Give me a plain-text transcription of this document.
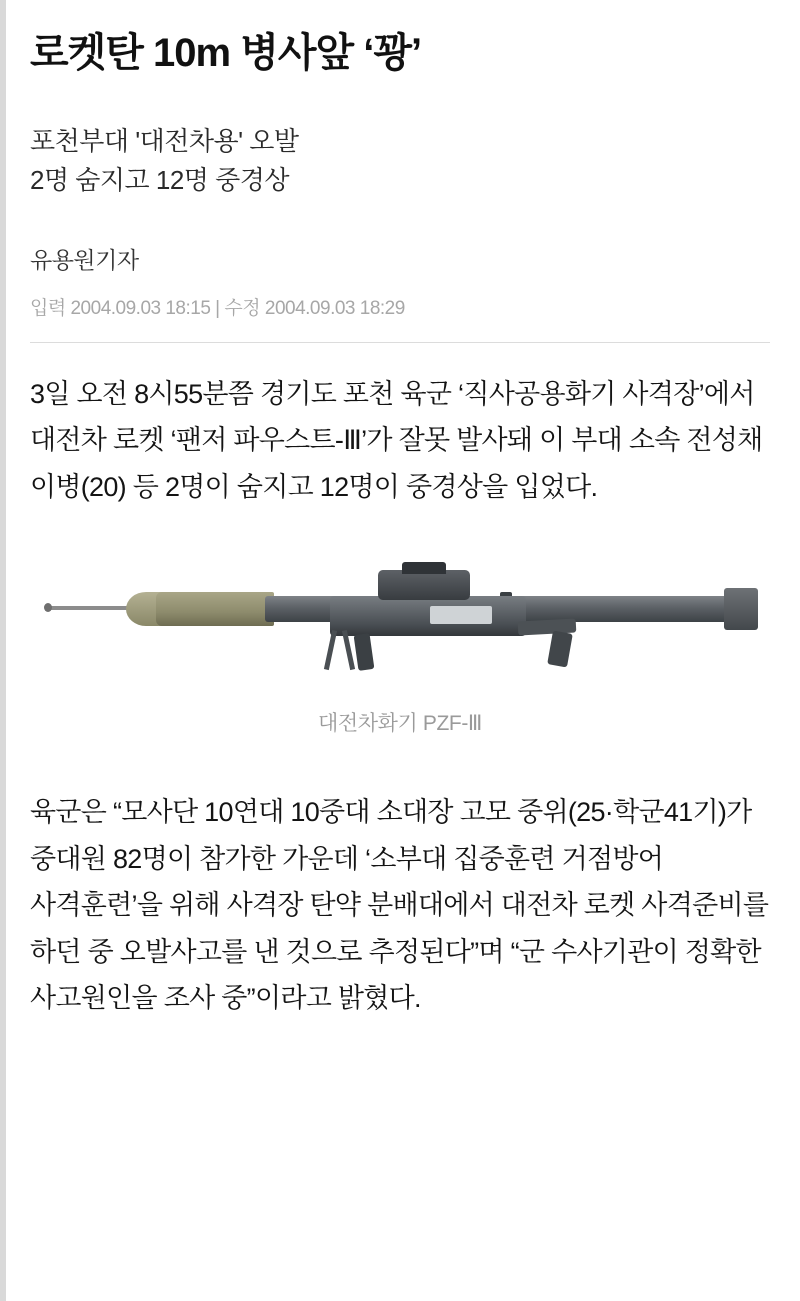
로켓탄 10m 병사앞 ‘꽝’
포천부대 '대전차용' 오발
2명 숨지고 12명 중경상
유용원기자
입력 2004.09.03 18:15 | 수정 2004.09.03 18:29

3일 오전 8시55분쯤 경기도 포천 육군 ‘직사공용화기 사격장’에서 대전차 로켓 ‘팬저 파우스트-Ⅲ’가 잘못 발사돼 이 부대 소속 전성채 이병(20) 등 2명이 숨지고 12명이 중경상을 입었다.

대전차화기 PZF-Ⅲ

육군은 “모사단 10연대 10중대 소대장 고모 중위(25·학군41기)가 중대원 82명이 참가한 가운데 ‘소부대 집중훈련 거점방어 사격훈련’을 위해 사격장 탄약 분배대에서 대전차 로켓 사격준비를 하던 중 오발사고를 낸 것으로 추정된다”며 “군 수사기관이 정확한 사고원인을 조사 중”이라고 밝혔다.
